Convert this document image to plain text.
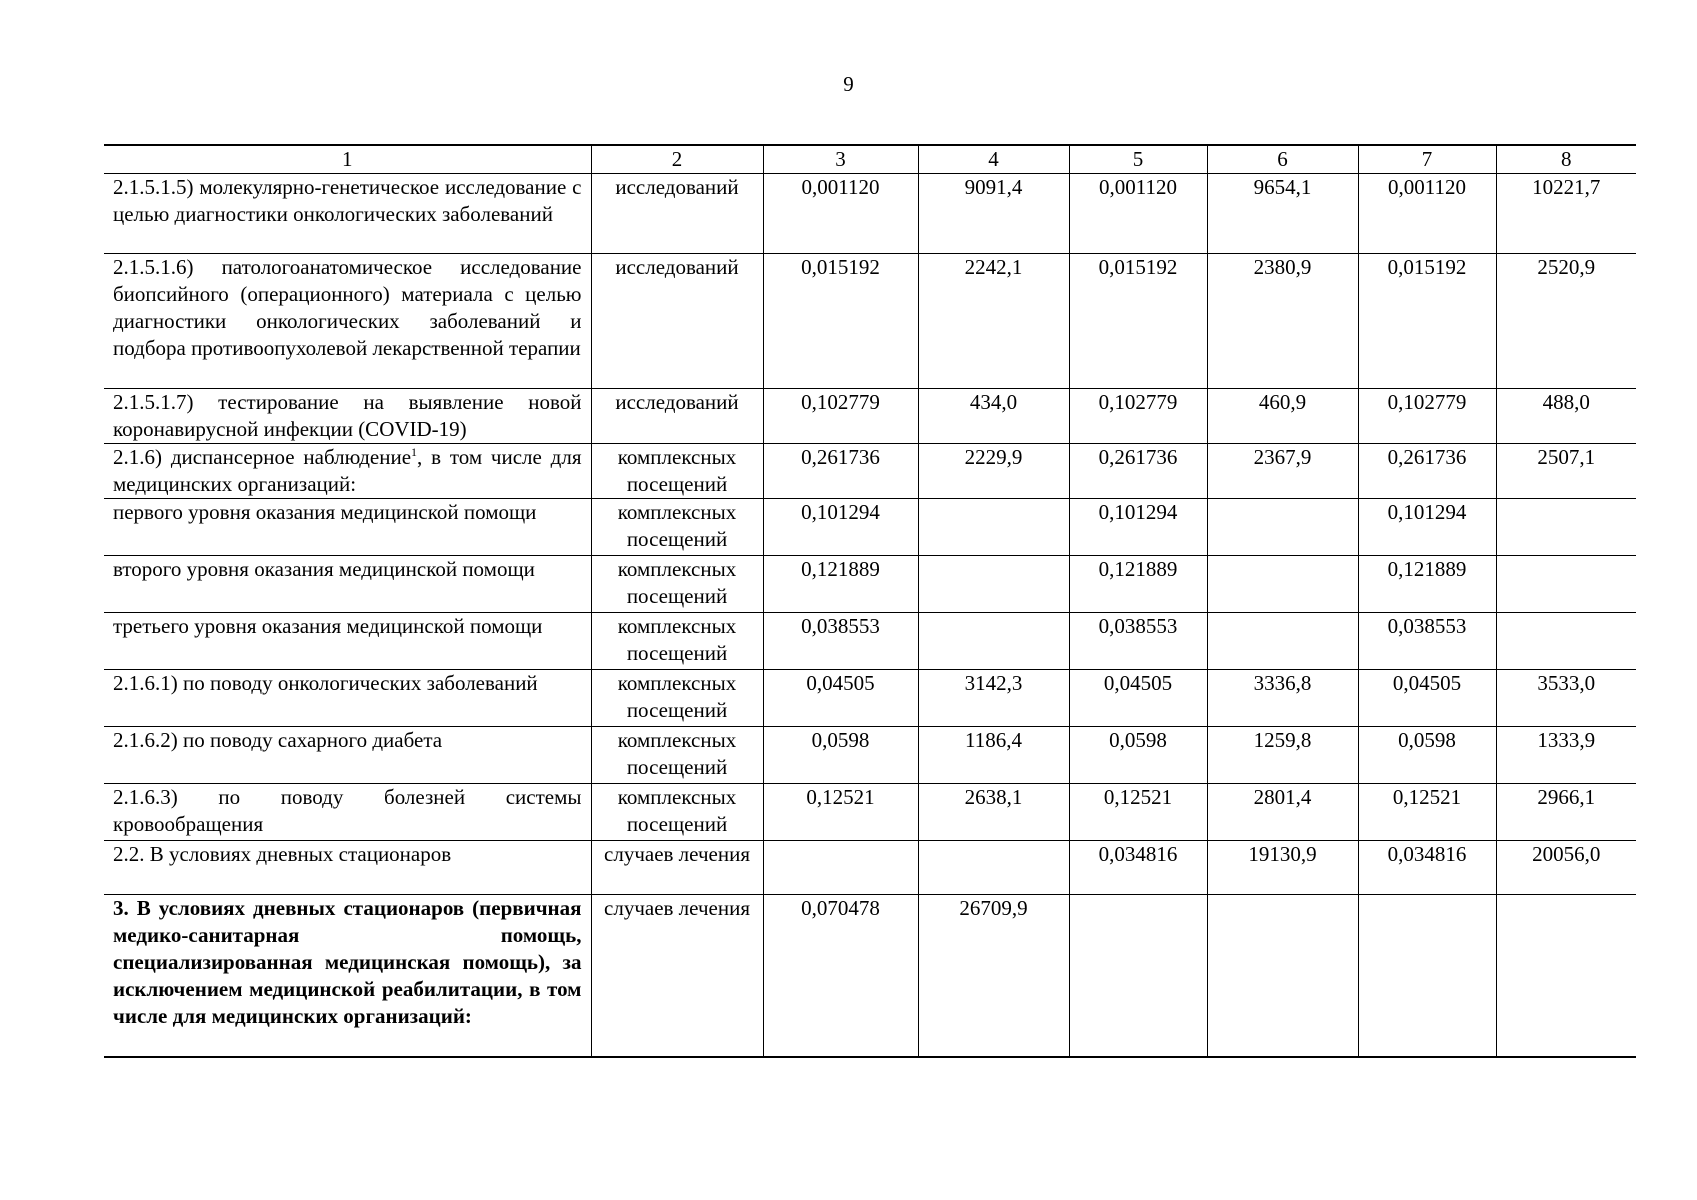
9
1	2	3	4	5	6	7	8

2.1.5.1.5) молекулярно-генетическое исследование с целью диагностики онкологических заболеваний	исследований	0,001120	9091,4	0,001120	9654,1	0,001120	10221,7

2.1.5.1.6) патологоанатомическое исследование биопсийного (операционного) материала с целью диагностики онкологических заболеваний и подбора противоопухолевой лекарственной терапии	исследований	0,015192	2242,1	0,015192	2380,9	0,015192	2520,9

2.1.5.1.7) тестирование на выявление новой коронавирусной инфекции (COVID-19)	исследований	0,102779	434,0	0,102779	460,9	0,102779	488,0
2.1.6) диспансерное наблюдение$^1$, в том числе для медицинских организаций:	комплексных посещений	0,261736	2229,9	0,261736	2367,9	0,261736	2507,1

первого уровня оказания медицинской помощи	комплексных посещений	0,101294		0,101294		0,101294	

второго уровня оказания медицинской помощи	комплексных посещений	0,121889		0,121889		0,121889	

третьего уровня оказания медицинской помощи	комплексных посещений	0,038553		0,038553		0,038553	

2.1.6.1) по поводу онкологических заболеваний	комплексных посещений	0,04505	3142,3	0,04505	3336,8	0,04505	3533,0

2.1.6.2) по поводу сахарного диабета	комплексных посещений	0,0598	1186,4	0,0598	1259,8	0,0598	1333,9

2.1.6.3) по поводу болезней системы кровообращения	комплексных посещений	0,12521	2638,1	0,12521	2801,4	0,12521	2966,1

2.2. В условиях дневных стационаров	случаев лечения			0,034816	19130,9	0,034816	20056,0

3. В условиях дневных стационаров (первичная медико-санитарная помощь, специализированная медицинская помощь), за исключением медицинской реабилитации, в том числе для медицинских организаций:	случаев лечения	0,070478	26709,9				
